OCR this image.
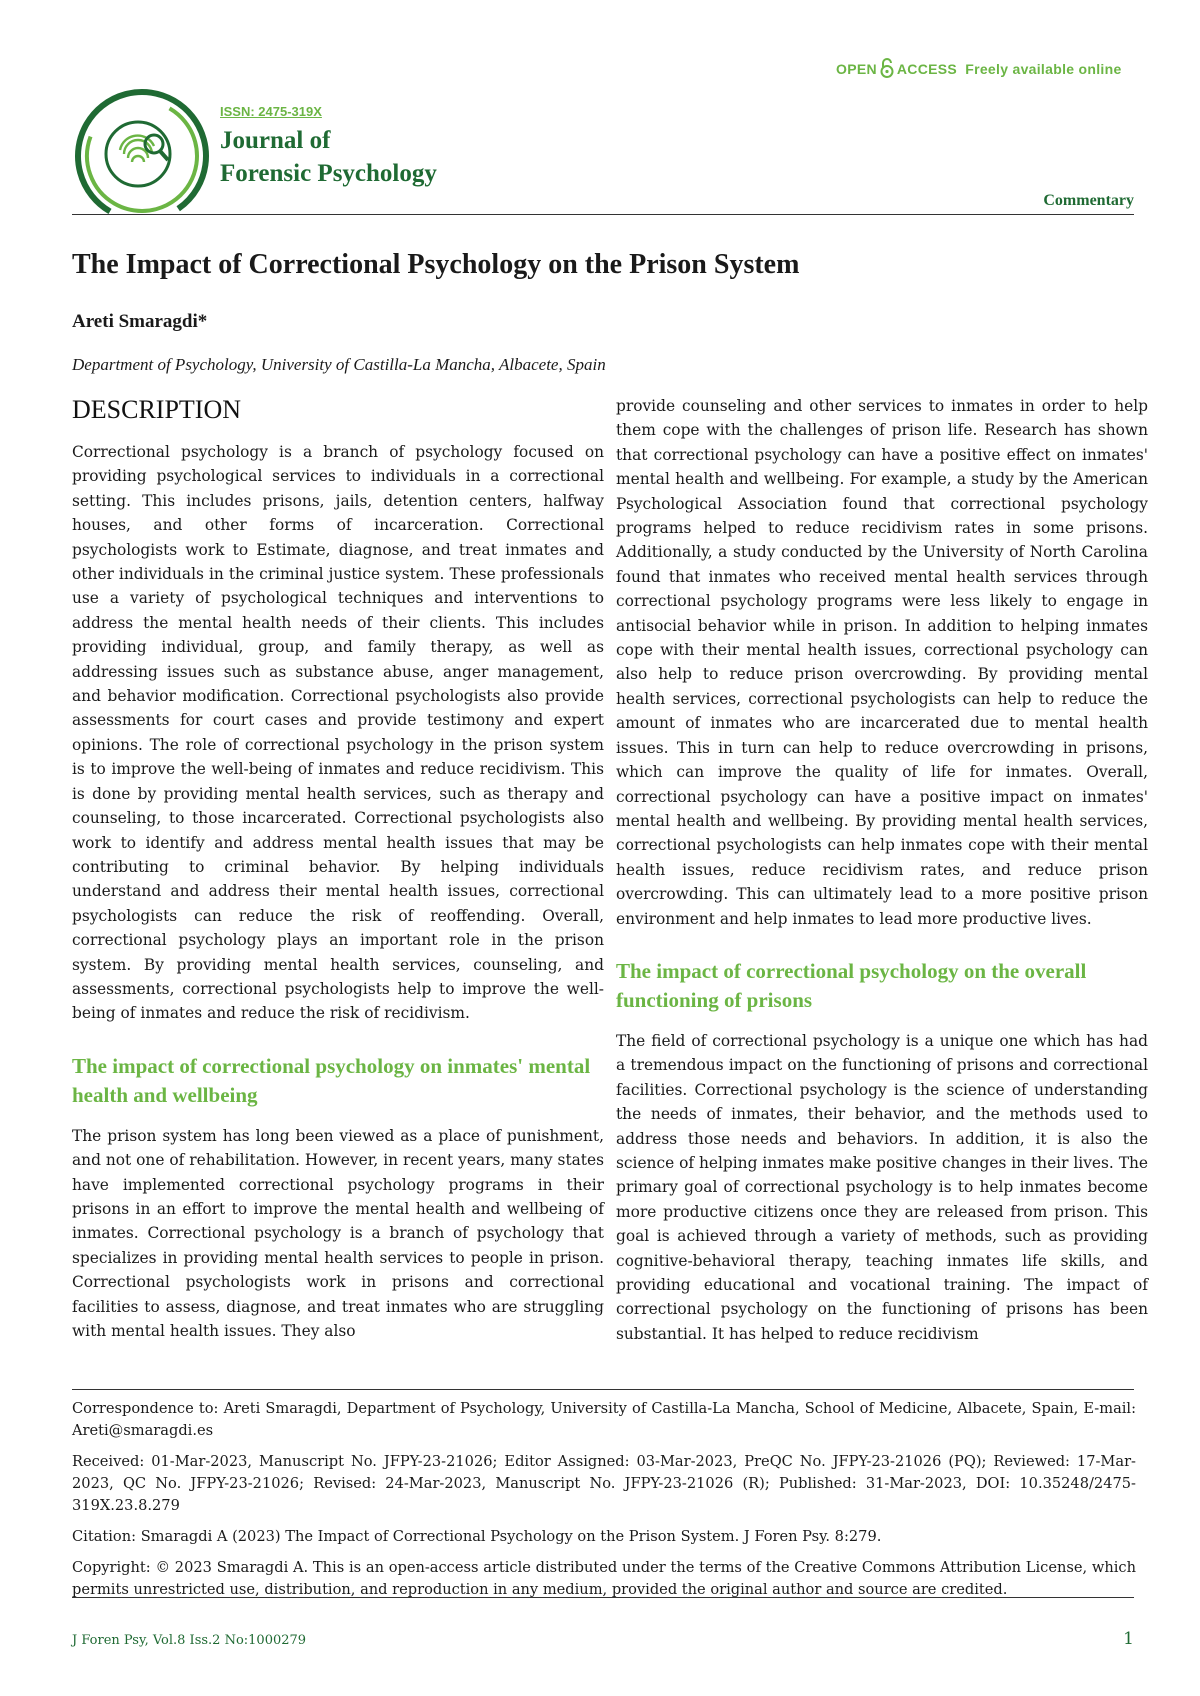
OPEN ACCESS Freely available online
ISSN: 2475-319X
Journal of
Forensic Psychology
Commentary
The Impact of Correctional Psychology on the Prison System
Areti Smaragdi*
Department of Psychology, University of Castilla-La Mancha, Albacete, Spain
DESCRIPTION

Correctional psychology is a branch of psychology focused on providing psychological services to individuals in a correctional setting. This includes prisons, jails, detention centers, halfway houses, and other forms of incarceration. Correctional psychologists work to Estimate, diagnose, and treat inmates and other individuals in the criminal justice system. These professionals use a variety of psychological techniques and interventions to address the mental health needs of their clients. This includes providing individual, group, and family therapy, as well as addressing issues such as substance abuse, anger management, and behavior modification. Correctional psychologists also provide assessments for court cases and provide testimony and expert opinions. The role of correctional psychology in the prison system is to improve the well-being of inmates and reduce recidivism. This is done by providing mental health services, such as therapy and counseling, to those incarcerated. Correctional psychologists also work to identify and address mental health issues that may be contributing to criminal behavior. By helping individuals understand and address their mental health issues, correctional psychologists can reduce the risk of reoffending. Overall, correctional psychology plays an important role in the prison system. By providing mental health services, counseling, and assessments, correctional psychologists help to improve the well-being of inmates and reduce the risk of recidivism.

The impact of correctional psychology on inmates' mental health and wellbeing

The prison system has long been viewed as a place of punishment, and not one of rehabilitation. However, in recent years, many states have implemented correctional psychology programs in their prisons in an effort to improve the mental health and wellbeing of inmates. Correctional psychology is a branch of psychology that specializes in providing mental health services to people in prison. Correctional psychologists work in prisons and correctional facilities to assess, diagnose, and treat inmates who are struggling with mental health issues. They also

provide counseling and other services to inmates in order to help them cope with the challenges of prison life. Research has shown that correctional psychology can have a positive effect on inmates' mental health and wellbeing. For example, a study by the American Psychological Association found that correctional psychology programs helped to reduce recidivism rates in some prisons. Additionally, a study conducted by the University of North Carolina found that inmates who received mental health services through correctional psychology programs were less likely to engage in antisocial behavior while in prison. In addition to helping inmates cope with their mental health issues, correctional psychology can also help to reduce prison overcrowding. By providing mental health services, correctional psychologists can help to reduce the amount of inmates who are incarcerated due to mental health issues. This in turn can help to reduce overcrowding in prisons, which can improve the quality of life for inmates. Overall, correctional psychology can have a positive impact on inmates' mental health and wellbeing. By providing mental health services, correctional psychologists can help inmates cope with their mental health issues, reduce recidivism rates, and reduce prison overcrowding. This can ultimately lead to a more positive prison environment and help inmates to lead more productive lives.

The impact of correctional psychology on the overall functioning of prisons

The field of correctional psychology is a unique one which has had a tremendous impact on the functioning of prisons and correctional facilities. Correctional psychology is the science of understanding the needs of inmates, their behavior, and the methods used to address those needs and behaviors. In addition, it is also the science of helping inmates make positive changes in their lives. The primary goal of correctional psychology is to help inmates become more productive citizens once they are released from prison. This goal is achieved through a variety of methods, such as providing cognitive-behavioral therapy, teaching inmates life skills, and providing educational and vocational training. The impact of correctional psychology on the functioning of prisons has been substantial. It has helped to reduce recidivism

Correspondence to: Areti Smaragdi, Department of Psychology, University of Castilla-La Mancha, School of Medicine, Albacete, Spain, E-mail: Areti@smaragdi.es

Received: 01-Mar-2023, Manuscript No. JFPY-23-21026; Editor Assigned: 03-Mar-2023, PreQC No. JFPY-23-21026 (PQ); Reviewed: 17-Mar-2023, QC No. JFPY-23-21026; Revised: 24-Mar-2023, Manuscript No. JFPY-23-21026 (R); Published: 31-Mar-2023, DOI: 10.35248/2475-319X.23.8.279

Citation: Smaragdi A (2023) The Impact of Correctional Psychology on the Prison System. J Foren Psy. 8:279.

Copyright: © 2023 Smaragdi A. This is an open-access article distributed under the terms of the Creative Commons Attribution License, which permits unrestricted use, distribution, and reproduction in any medium, provided the original author and source are credited.

J Foren Psy, Vol.8 Iss.2 No:1000279	1
